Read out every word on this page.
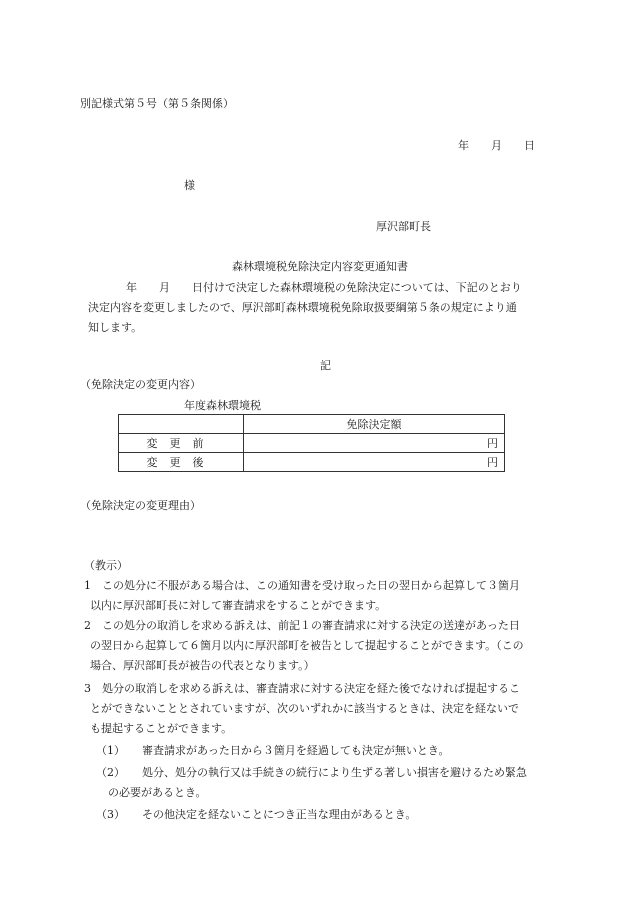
別記様式第５号（第５条関係）
年　　月　　日
様
厚沢部町長
森林環境税免除決定内容変更通知書
年　　月　　日付けで決定した森林環境税の免除決定については、下記のとおり
決定内容を変更しましたので、厚沢部町森林環境税免除取扱要綱第５条の規定により通
知します。
記
（免除決定の変更内容）
年度森林環境税
	免除決定額
変更前	円
変更後	円
（免除決定の変更理由）
（教示）
1 この処分に不服がある場合は、この通知書を受け取った日の翌日から起算して３箇月
以内に厚沢部町長に対して審査請求をすることができます。
2 この処分の取消しを求める訴えは、前記１の審査請求に対する決定の送達があった日
の翌日から起算して６箇月以内に厚沢部町を被告として提起することができます。（この
場合、厚沢部町長が被告の代表となります。）
3 処分の取消しを求める訴えは、審査請求に対する決定を経た後でなければ提起するこ
とができないこととされていますが、次のいずれかに該当するときは、決定を経ないで
も提起することができます。
（1） 審査請求があった日から３箇月を経過しても決定が無いとき。
（2） 処分、処分の執行又は手続きの続行により生ずる著しい損害を避けるため緊急
の必要があるとき。
（3） その他決定を経ないことにつき正当な理由があるとき。
